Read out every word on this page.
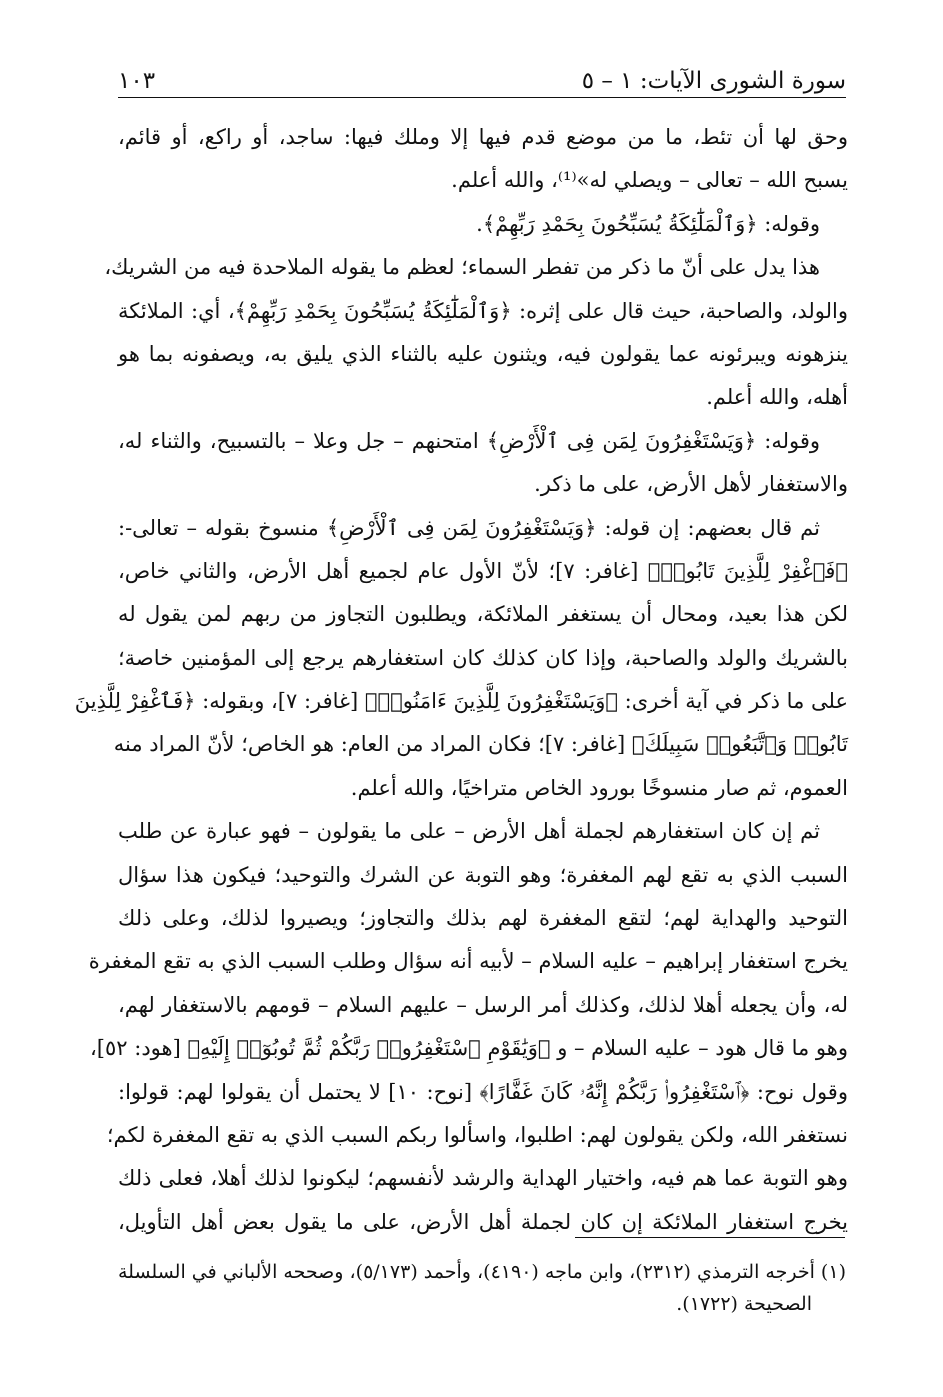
سورة الشورى الآيات: ١ – ٥
١٠٣
وحق لها أن تئط، ما من موضع قدم فيها إلا وملك فيها: ساجد، أو راكع، أو قائم،
يسبح الله – تعالى – ويصلي له»⁽¹⁾، والله أعلم.
وقوله: ﴿وَٱلْمَلَٰٓئِكَةُ يُسَبِّحُونَ بِحَمْدِ رَبِّهِمْ﴾.
هذا يدل على أنّ ما ذكر من تفطر السماء؛ لعظم ما يقوله الملاحدة فيه من الشريك،
والولد، والصاحبة، حيث قال على إثره: ﴿وَٱلْمَلَٰٓئِكَةُ يُسَبِّحُونَ بِحَمْدِ رَبِّهِمْ﴾، أي: الملائكة
ينزهونه ويبرئونه عما يقولون فيه، ويثنون عليه بالثناء الذي يليق به، ويصفونه بما هو
أهله، والله أعلم.
وقوله: ﴿وَيَسْتَغْفِرُونَ لِمَن فِى ٱلْأَرْضِ﴾ امتحنهم – جل وعلا – بالتسبيح، والثناء له،
والاستغفار لأهل الأرض، على ما ذكر.
ثم قال بعضهم: إن قوله: ﴿وَيَسْتَغْفِرُونَ لِمَن فِى ٱلْأَرْضِ﴾ منسوخ بقوله – تعالى-:
﴿فَٱغْفِرْ لِلَّذِينَ تَابُوا۟﴾ [غافر: ٧]؛ لأنّ الأول عام لجميع أهل الأرض، والثاني خاص،
لكن هذا بعيد، ومحال أن يستغفر الملائكة، ويطلبون التجاوز من ربهم لمن يقول له
بالشريك والولد والصاحبة، وإذا كان كذلك كان استغفارهم يرجع إلى المؤمنين خاصة؛
على ما ذكر في آية أخرى: ﴿وَيَسْتَغْفِرُونَ لِلَّذِينَ ءَامَنُوا۟﴾ [غافر: ٧]، وبقوله: ﴿فَٱغْفِرْ لِلَّذِينَ
تَابُوا۟ وَٱتَّبَعُوا۟ سَبِيلَكَ﴾ [غافر: ٧]؛ فكان المراد من العام: هو الخاص؛ لأنّ المراد منه
العموم، ثم صار منسوخًا بورود الخاص متراخيًا، والله أعلم.
ثم إن كان استغفارهم لجملة أهل الأرض – على ما يقولون – فهو عبارة عن طلب
السبب الذي به تقع لهم المغفرة؛ وهو التوبة عن الشرك والتوحيد؛ فيكون هذا سؤال
التوحيد والهداية لهم؛ لتقع المغفرة لهم بذلك والتجاوز؛ ويصيروا لذلك، وعلى ذلك
يخرج استغفار إبراهيم – عليه السلام – لأبيه أنه سؤال وطلب السبب الذي به تقع المغفرة
له، وأن يجعله أهلا لذلك، وكذلك أمر الرسل – عليهم السلام – قومهم بالاستغفار لهم،
وهو ما قال هود – عليه السلام – و ﴿وَيَٰقَوْمِ ٱسْتَغْفِرُوا۟ رَبَّكُمْ ثُمَّ تُوبُوٓا۟ إِلَيْهِ﴾ [هود: ٥٢]،
وقول نوح: ﴿ٱسْتَغْفِرُوا۟ رَبَّكُمْ إِنَّهُۥ كَانَ غَفَّارًا﴾ [نوح: ١٠] لا يحتمل أن يقولوا لهم: قولوا:
نستغفر الله، ولكن يقولون لهم: اطلبوا، واسألوا ربكم السبب الذي به تقع المغفرة لكم؛
وهو التوبة عما هم فيه، واختيار الهداية والرشد لأنفسهم؛ ليكونوا لذلك أهلا، فعلى ذلك
يخرج استغفار الملائكة إن كان لجملة أهل الأرض، على ما يقول بعض أهل التأويل،
(١) أخرجه الترمذي (٢٣١٢)، وابن ماجه (٤١٩٠)، وأحمد (٥/١٧٣)، وصححه الألباني في السلسلة
الصحيحة (١٧٢٢).
